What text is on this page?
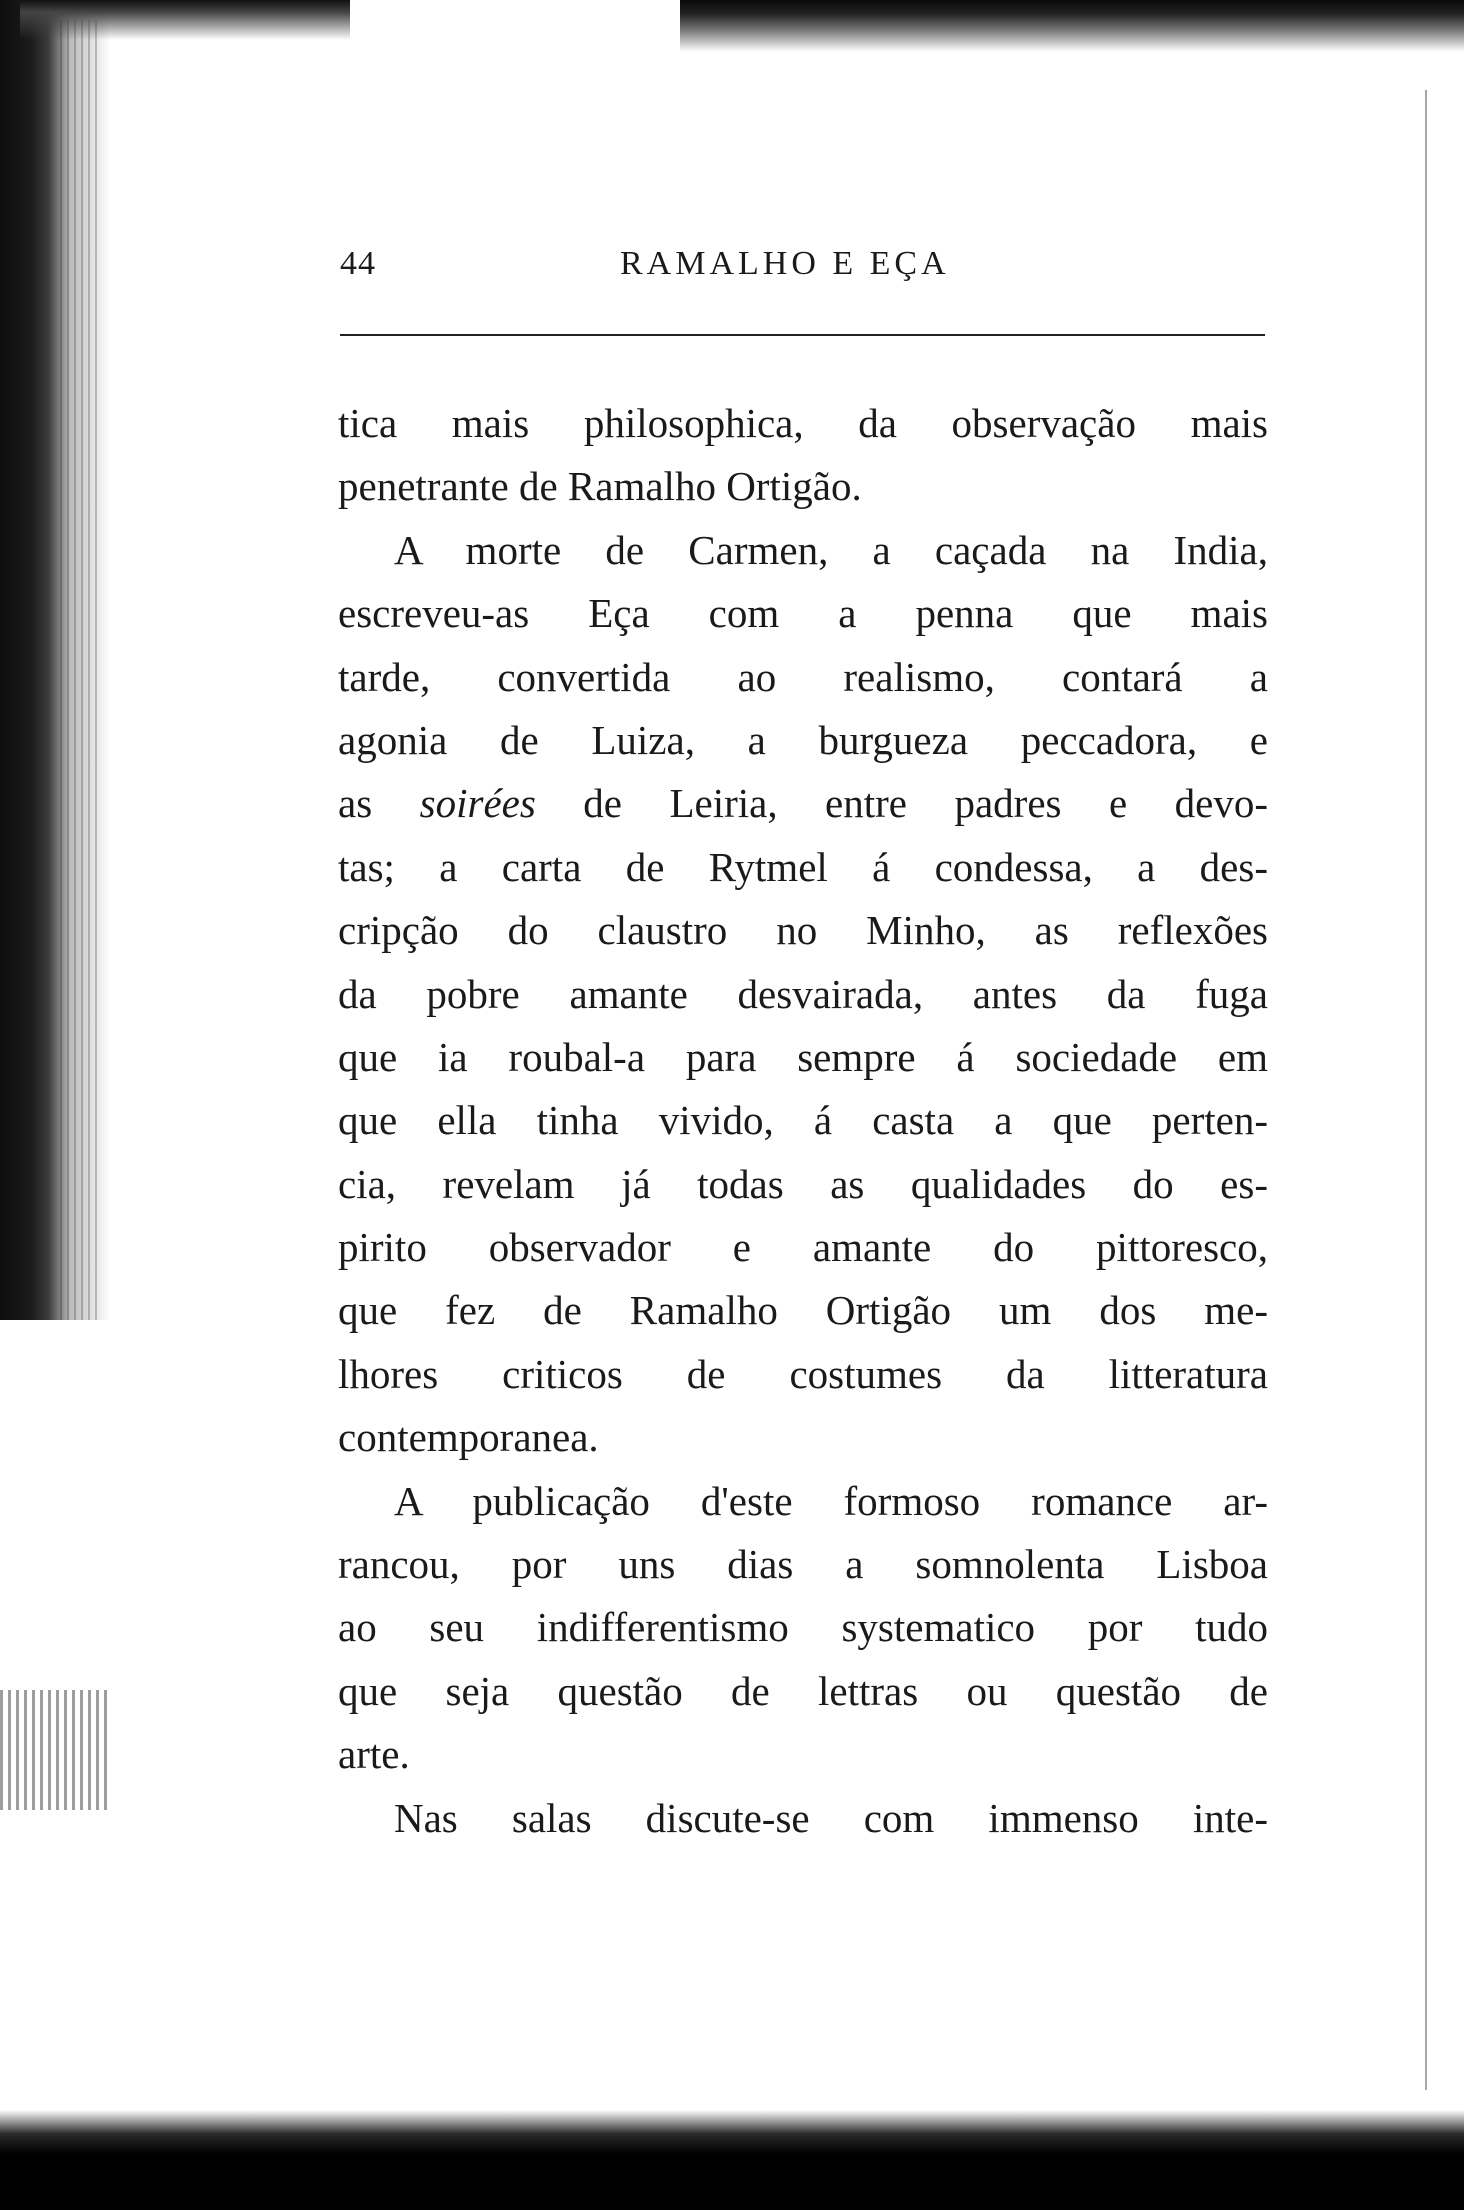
44	RAMALHO E EÇA
tica mais philosophica, da observação mais
penetrante de Ramalho Ortigão.
A morte de Carmen, a caçada na India,
escreveu-as Eça com a penna que mais
tarde, convertida ao realismo, contará a
agonia de Luiza, a burgueza peccadora, e
as soirées de Leiria, entre padres e devo-
tas; a carta de Rytmel á condessa, a des-
cripção do claustro no Minho, as reflexões
da pobre amante desvairada, antes da fuga
que ia roubal-a para sempre á sociedade em
que ella tinha vivido, á casta a que perten-
cia, revelam já todas as qualidades do es-
pirito observador e amante do pittoresco,
que fez de Ramalho Ortigão um dos me-
lhores criticos de costumes da litteratura
contemporanea.
A publicação d'este formoso romance ar-
rancou, por uns dias a somnolenta Lisboa
ao seu indifferentismo systematico por tudo
que seja questão de lettras ou questão de
arte.
Nas salas discute-se com immenso inte-
